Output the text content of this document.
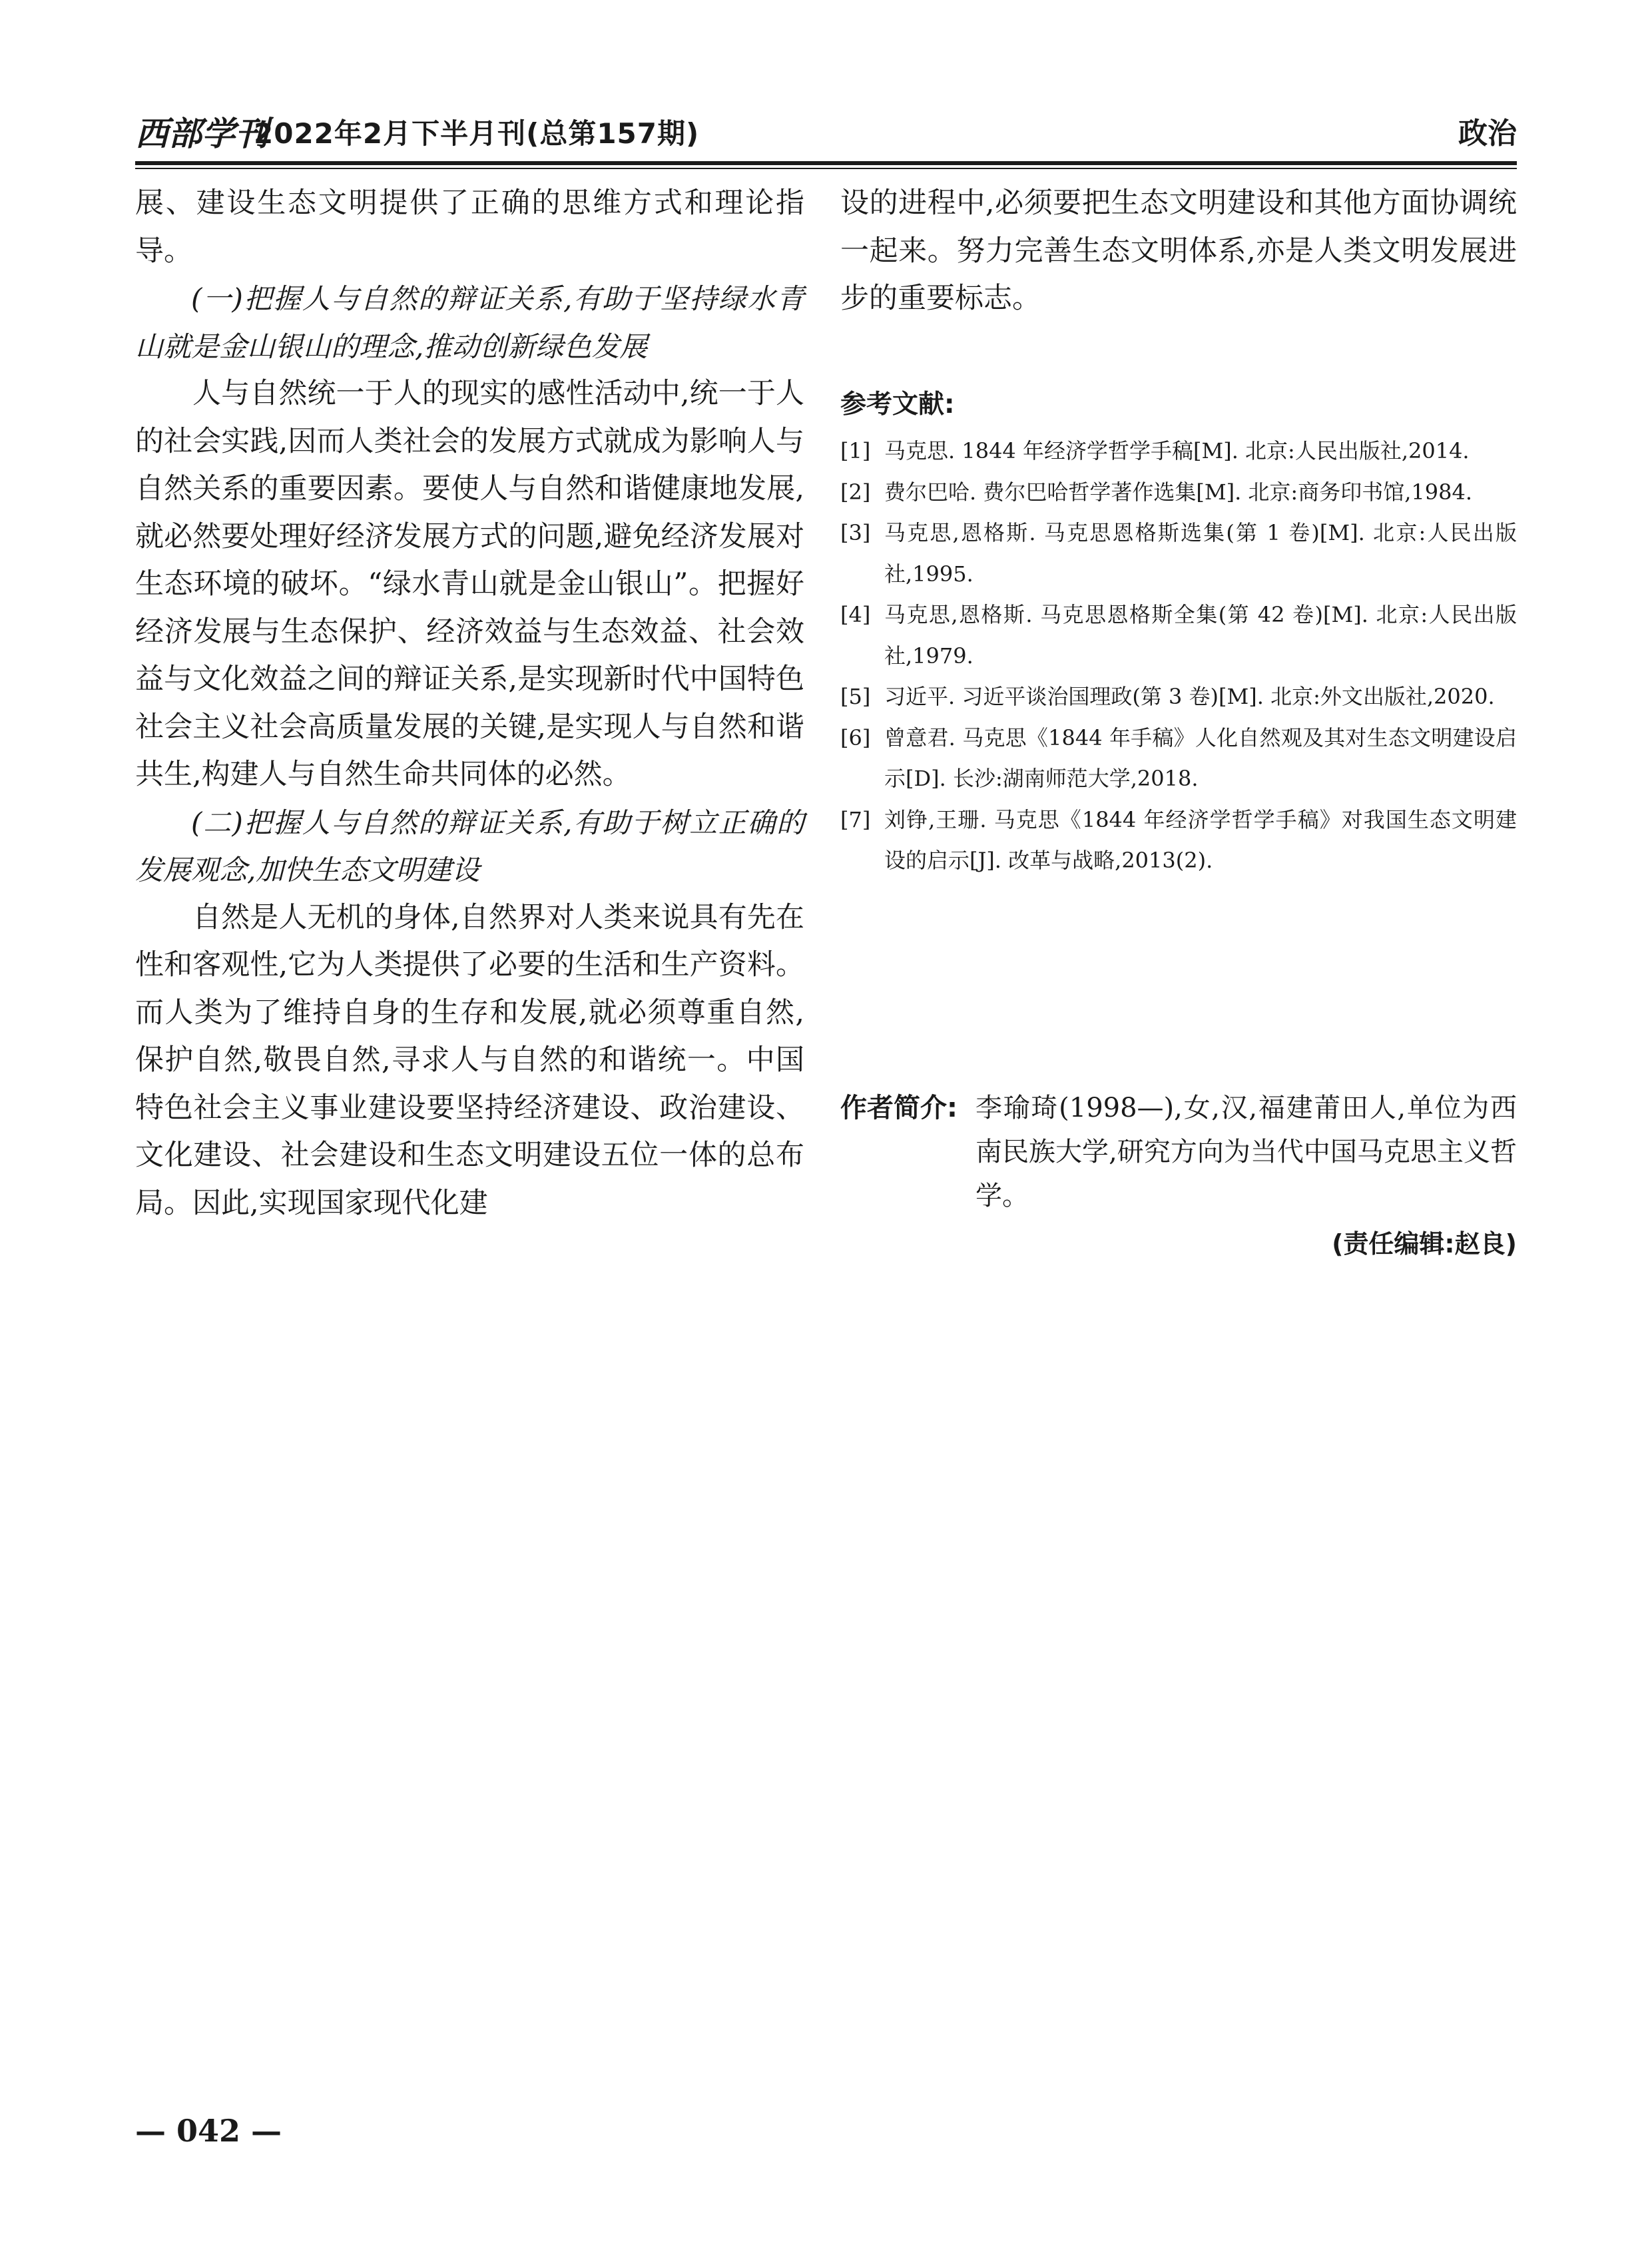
西部学刊
2022年2月下半月刊(总第157期)	政治

展、建设生态文明提供了正确的思维方式和理论指导。

(一)把握人与自然的辩证关系,有助于坚持绿水青山就是金山银山的理念,推动创新绿色发展

人与自然统一于人的现实的感性活动中,统一于人的社会实践,因而人类社会的发展方式就成为影响人与自然关系的重要因素。要使人与自然和谐健康地发展,就必然要处理好经济发展方式的问题,避免经济发展对生态环境的破坏。“绿水青山就是金山银山”。把握好经济发展与生态保护、经济效益与生态效益、社会效益与文化效益之间的辩证关系,是实现新时代中国特色社会主义社会高质量发展的关键,是实现人与自然和谐共生,构建人与自然生命共同体的必然。

(二)把握人与自然的辩证关系,有助于树立正确的发展观念,加快生态文明建设

自然是人无机的身体,自然界对人类来说具有先在性和客观性,它为人类提供了必要的生活和生产资料。而人类为了维持自身的生存和发展,就必须尊重自然,保护自然,敬畏自然,寻求人与自然的和谐统一。中国特色社会主义事业建设要坚持经济建设、政治建设、文化建设、社会建设和生态文明建设五位一体的总布局。因此,实现国家现代化建

设的进程中,必须要把生态文明建设和其他方面协调统一起来。努力完善生态文明体系,亦是人类文明发展进步的重要标志。

参考文献:
[1] 马克思. 1844 年经济学哲学手稿[M]. 北京:人民出版社,2014.
[2] 费尔巴哈. 费尔巴哈哲学著作选集[M]. 北京:商务印书馆,1984.
[3] 马克思,恩格斯. 马克思恩格斯选集(第 1 卷)[M]. 北京:人民出版社,1995.
[4] 马克思,恩格斯. 马克思恩格斯全集(第 42 卷)[M]. 北京:人民出版社,1979.
[5] 习近平. 习近平谈治国理政(第 3 卷)[M]. 北京:外文出版社,2020.
[6] 曾意君. 马克思《1844 年手稿》人化自然观及其对生态文明建设启示[D]. 长沙:湖南师范大学,2018.
[7] 刘铮,王珊. 马克思《1844 年经济学哲学手稿》对我国生态文明建设的启示[J]. 改革与战略,2013(2).
作者简介: 李瑜琦(1998—),女,汉,福建莆田人,单位为西南民族大学,研究方向为当代中国马克思主义哲学。
(责任编辑:赵良)
— 042 —
